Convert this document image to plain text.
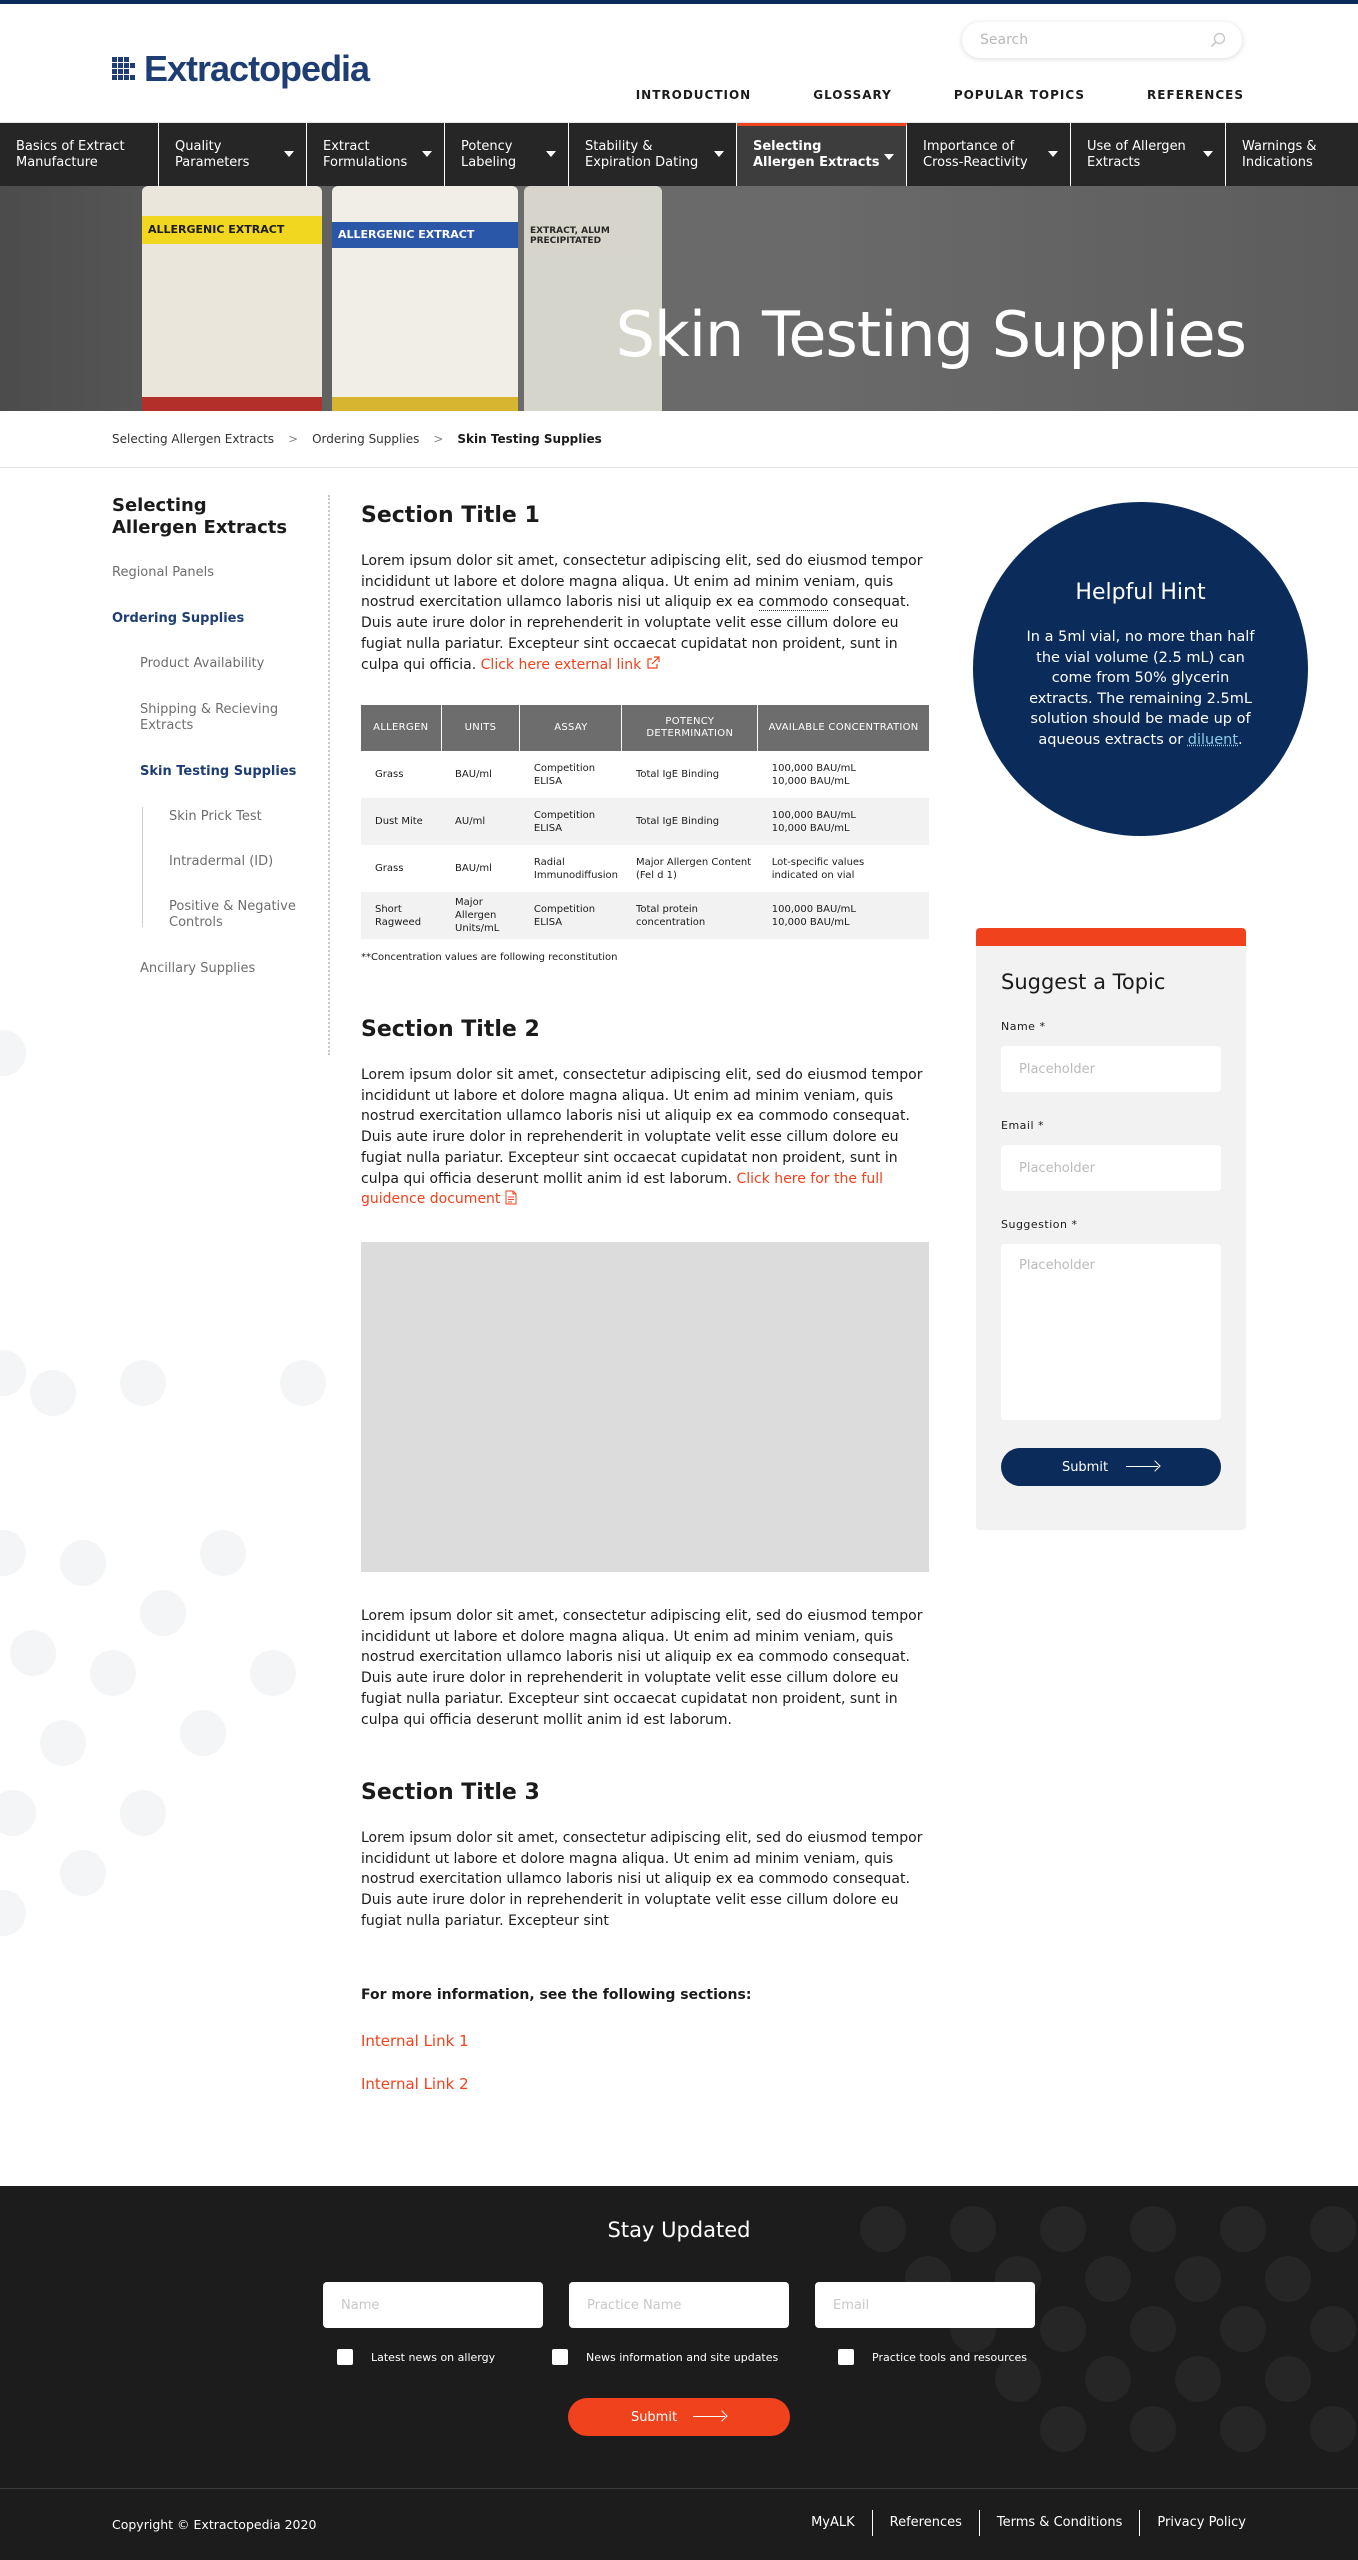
Extractopedia
Search
INTRODUCTION	GLOSSARY	POPULAR TOPICS	REFERENCES
Basics of Extract Manufacture
Quality Parameters
Extract Formulations
Potency Labeling
Stability & Expiration Dating
Selecting Allergen Extracts
Importance of Cross-Reactivity
Use of Allergen Extracts
Warnings & Indications
ALLERGENIC EXTRACT	ALLERGENIC EXTRACT	EXTRACT, ALUM PRECIPITATED
Skin Testing Supplies
Selecting Allergen Extracts > Ordering Supplies > Skin Testing Supplies
Selecting Allergen Extracts
Regional Panels
Ordering Supplies
Product Availability
Shipping & Recieving Extracts
Skin Testing Supplies
Skin Prick Test
Intradermal (ID)
Positive & Negative Controls
Ancillary Supplies
Section Title 1

Lorem ipsum dolor sit amet, consectetur adipiscing elit, sed do eiusmod tempor incididunt ut labore et dolore magna aliqua. Ut enim ad minim veniam, quis nostrud exercitation ullamco laboris nisi ut aliquip ex ea commodo consequat. Duis aute irure dolor in reprehenderit in voluptate velit esse cillum dolore eu fugiat nulla pariatur. Excepteur sint occaecat cupidatat non proident, sunt in culpa qui officia. Click here external link

ALLERGEN	UNITS	ASSAY	POTENCY DETERMINATION	AVAILABLE CONCENTRATION
Grass	BAU/ml	Competition ELISA	Total IgE Binding	100,000 BAU/mL 10,000 BAU/mL
Dust Mite	AU/ml	Competition ELISA	Total IgE Binding	100,000 BAU/mL 10,000 BAU/mL
Grass	BAU/ml	Radial Immunodiffusion	Major Allergen Content (Fel d 1)	Lot-specific values indicated on vial
Short Ragweed	Major Allergen Units/mL	Competition ELISA	Total protein concentration	100,000 BAU/mL 10,000 BAU/mL
**Concentration values are following reconstitution
Section Title 2

Lorem ipsum dolor sit amet, consectetur adipiscing elit, sed do eiusmod tempor incididunt ut labore et dolore magna aliqua. Ut enim ad minim veniam, quis nostrud exercitation ullamco laboris nisi ut aliquip ex ea commodo consequat. Duis aute irure dolor in reprehenderit in voluptate velit esse cillum dolore eu fugiat nulla pariatur. Excepteur sint occaecat cupidatat non proident, sunt in culpa qui officia deserunt mollit anim id est laborum. Click here for the full guidence document

Lorem ipsum dolor sit amet, consectetur adipiscing elit, sed do eiusmod tempor incididunt ut labore et dolore magna aliqua. Ut enim ad minim veniam, quis nostrud exercitation ullamco laboris nisi ut aliquip ex ea commodo consequat. Duis aute irure dolor in reprehenderit in voluptate velit esse cillum dolore eu fugiat nulla pariatur. Excepteur sint occaecat cupidatat non proident, sunt in culpa qui officia deserunt mollit anim id est laborum.

Section Title 3

Lorem ipsum dolor sit amet, consectetur adipiscing elit, sed do eiusmod tempor incididunt ut labore et dolore magna aliqua. Ut enim ad minim veniam, quis nostrud exercitation ullamco laboris nisi ut aliquip ex ea commodo consequat. Duis aute irure dolor in reprehenderit in voluptate velit esse cillum dolore eu fugiat nulla pariatur. Excepteur sint

For more information, see the following sections:
Internal Link 1
Internal Link 2
Helpful Hint

In a 5ml vial, no more than half the vial volume (2.5 mL) can come from 50% glycerin extracts. The remaining 2.5mL solution should be made up of aqueous extracts or diluent.

Suggest a Topic
Name *
Placeholder
Email *
Placeholder
Suggestion *
Placeholder
Submit
Stay Updated
Name
Practice Name
Email
Latest news on allergy	News information and site updates	Practice tools and resources
Submit
Copyright © Extractopedia 2020	MyALK	References	Terms & Conditions	Privacy Policy
